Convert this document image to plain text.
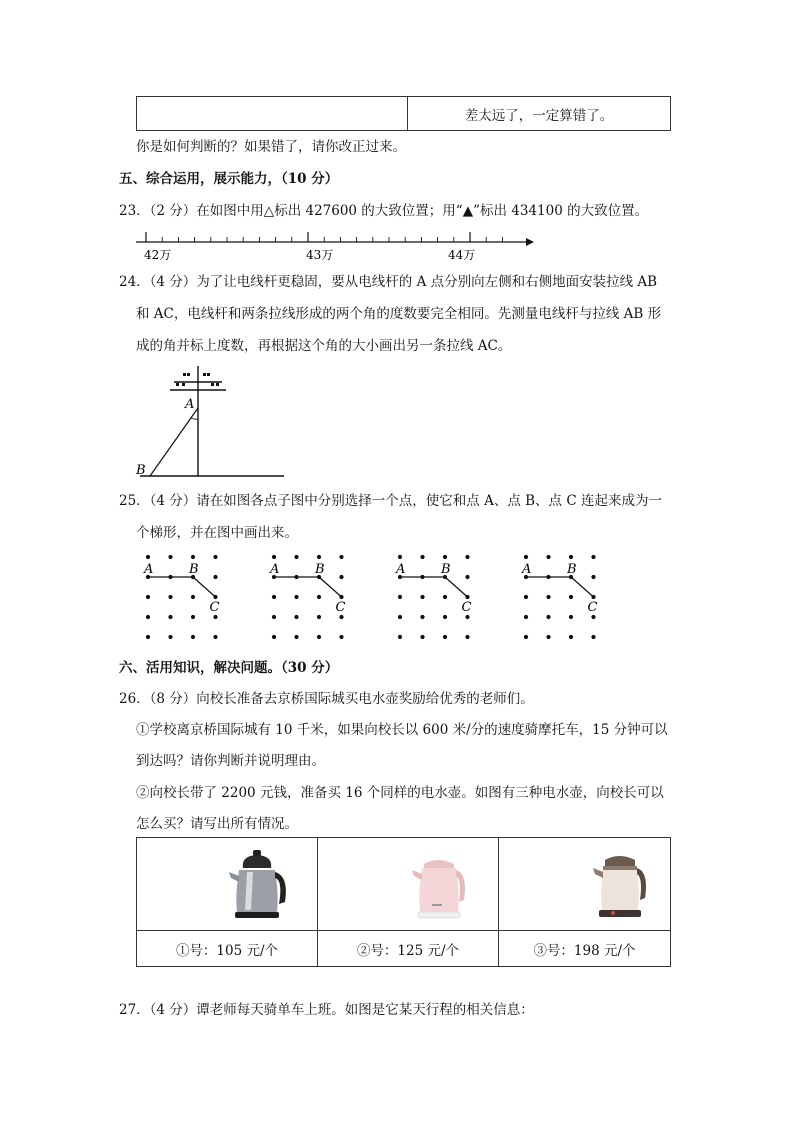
	差太远了，一定算错了。
你是如何判断的？如果错了，请你改正过来。
五、综合运用，展示能力，（10 分）
23．（2 分）在如图中用△标出 427600 的大致位置；用“▲”标出 434100 的大致位置。
42万	43万	44万
24．（4 分）为了让电线杆更稳固，要从电线杆的 A 点分别向左侧和右侧地面安装拉线 AB
和 AC，电线杆和两条拉线形成的两个角的度数要完全相同。先测量电线杆与拉线 AB 形
成的角并标上度数，再根据这个角的大小画出另一条拉线 AC。
A
B
25．（4 分）请在如图各点子图中分别选择一个点，使它和点 A、点 B、点 C 连起来成为一
个梯形，并在图中画出来。
A	B
C
A	B
C
A	B
C
A	B
C
六、活用知识，解决问题。（30 分）
26．（8 分）向校长准备去京桥国际城买电水壶奖励给优秀的老师们。
①学校离京桥国际城有 10 千米，如果向校长以 600 米/分的速度骑摩托车，15 分钟可以
到达吗？请你判断并说明理由。
②向校长带了 2200 元钱，准备买 16 个同样的电水壶。如图有三种电水壶，向校长可以
怎么买？请写出所有情况。

①号：105 元/个	②号：125 元/个	③号：198 元/个
27．（4 分）谭老师每天骑单车上班。如图是它某天行程的相关信息：
